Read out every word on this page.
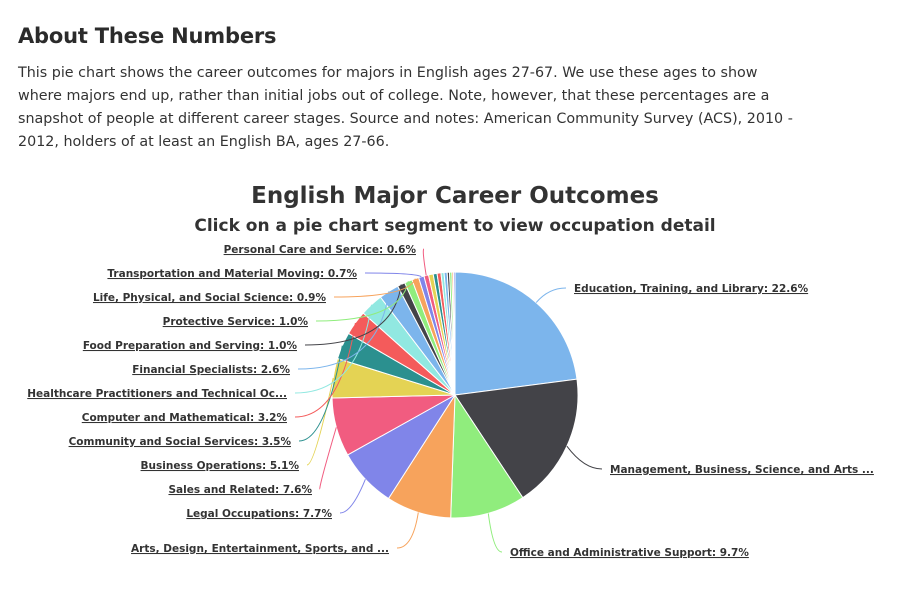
About These Numbers

This pie chart shows the career outcomes for majors in English ages 27-67. We use these ages to show where majors end up, rather than initial jobs out of college. Note, however, that these percentages are a snapshot of people at different career stages. Source and notes: American Community Survey (ACS), 2010 - 2012, holders of at least an English BA, ages 27-66.

English Major Career Outcomes
Click on a pie chart segment to view occupation detail
Education, Training, and Library: 22.6%
Management, Business, Science, and Arts ...
Office and Administrative Support: 9.7%
Arts, Design, Entertainment, Sports, and ...
Legal Occupations: 7.7%
Sales and Related: 7.6%
Business Operations: 5.1%
Community and Social Services: 3.5%
Computer and Mathematical: 3.2%
Healthcare Practitioners and Technical Oc...
Financial Specialists: 2.6%
Food Preparation and Serving: 1.0%
Protective Service: 1.0%
Life, Physical, and Social Science: 0.9%
Transportation and Material Moving: 0.7%
Personal Care and Service: 0.6%
